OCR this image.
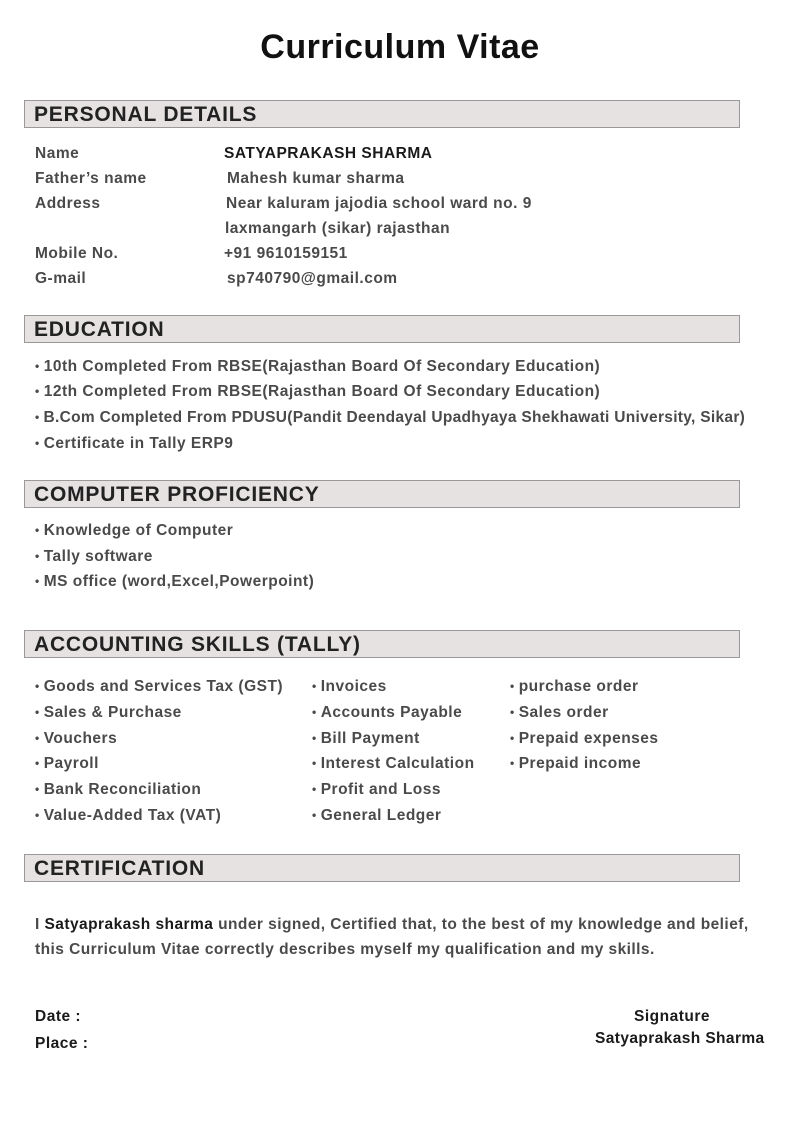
Curriculum Vitae
PERSONAL DETAILS
Name	SATYAPRAKASH SHARMA
Father’s name	Mahesh kumar sharma
Address	Near kaluram jajodia school ward no. 9
laxmangarh (sikar) rajasthan
Mobile No.	+91 9610159151
G-mail	sp740790@gmail.com
EDUCATION
• 10th Completed From RBSE(Rajasthan Board Of Secondary Education)
• 12th Completed From RBSE(Rajasthan Board Of Secondary Education)
• B.Com Completed From PDUSU(Pandit Deendayal Upadhyaya Shekhawati University, Sikar)
• Certificate in Tally ERP9
COMPUTER PROFICIENCY
• Knowledge of Computer
• Tally software
• MS office (word,Excel,Powerpoint)
ACCOUNTING SKILLS (TALLY)
• Goods and Services Tax (GST)
• Sales & Purchase
• Vouchers
• Payroll
• Bank Reconciliation
• Value-Added Tax (VAT)
• Invoices
• Accounts Payable
• Bill Payment
• Interest Calculation
• Profit and Loss
• General Ledger
• purchase order
• Sales order
• Prepaid expenses
• Prepaid income
CERTIFICATION
I Satyaprakash sharma under signed, Certified that, to the best of my knowledge and belief, this Curriculum Vitae correctly describes myself my qualification and my skills.
Date :
Place :
Signature
Satyaprakash Sharma
